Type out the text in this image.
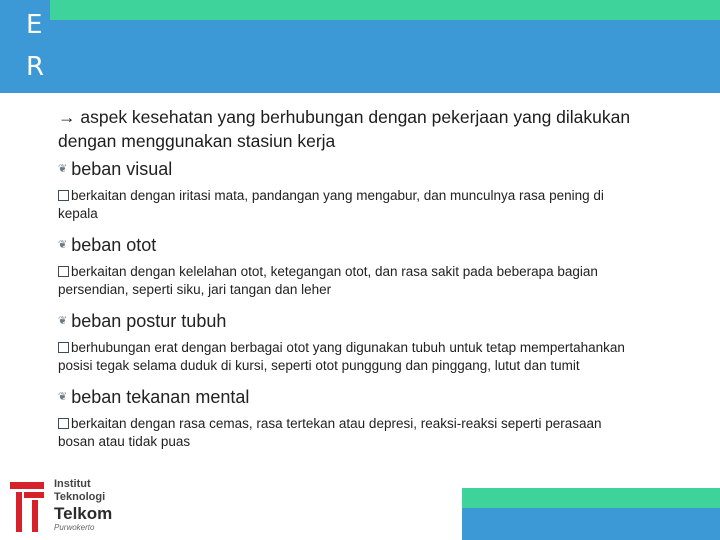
E
R
G → aspek kesehatan yang berhubungan dengan pekerjaan yang dilakukan dengan menggunakan stasiun kerja
❦ beban visual
berkaitan dengan iritasi mata, pandangan yang mengabur, dan munculnya rasa pening di kepala
❦ beban otot
berkaitan dengan kelelahan otot, ketegangan otot, dan rasa sakit pada beberapa bagian persendian, seperti siku, jari tangan dan leher
❦ beban postur tubuh
berhubungan erat dengan berbagai otot yang digunakan tubuh untuk tetap mempertahankan posisi tegak selama duduk di kursi, seperti otot punggung dan pinggang, lutut dan tumit
❦ beban tekanan mental
berkaitan dengan rasa cemas, rasa tertekan atau depresi, reaksi-reaksi seperti perasaan bosan atau tidak puas
Institut
Teknologi
Telkom
Purwokerto
